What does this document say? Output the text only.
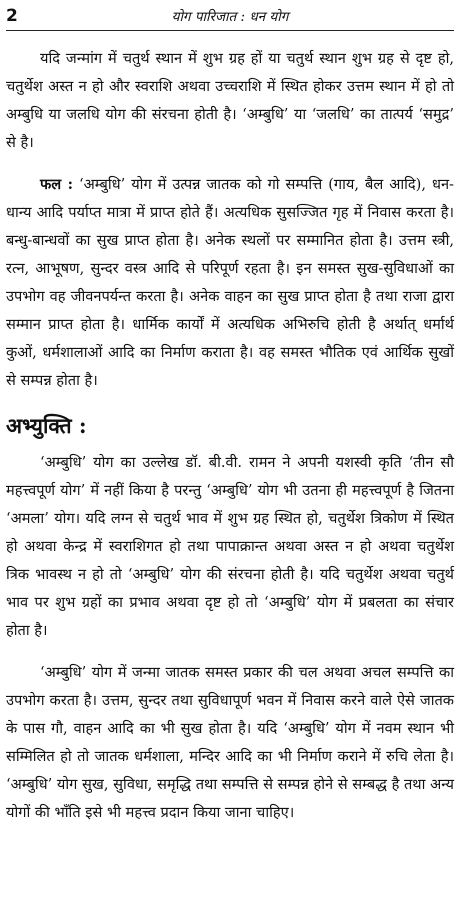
2	योग पारिजात : धन योग

यदि जन्मांग में चतुर्थ स्थान में शुभ ग्रह हों या चतुर्थ स्थान शुभ ग्रह से दृष्ट हो, चतुर्थेश अस्त न हो और स्वराशि अथवा उच्चराशि में स्थित होकर उत्तम स्थान में हो तो अम्बुधि या जलधि योग की संरचना होती है। ‘अम्बुधि’ या ‘जलधि’ का तात्पर्य ‘समुद्र’ से है।

फल : ‘अम्बुधि’ योग में उत्पन्न जातक को गो सम्पत्ति (गाय, बैल आदि), धन-धान्य आदि पर्याप्त मात्रा में प्राप्त होते हैं। अत्यधिक सुसज्जित गृह में निवास करता है। बन्धु-बान्धवों का सुख प्राप्त होता है। अनेक स्थलों पर सम्मानित होता है। उत्तम स्त्री, रत्न, आभूषण, सुन्दर वस्त्र आदि से परिपूर्ण रहता है। इन समस्त सुख-सुविधाओं का उपभोग वह जीवनपर्यन्त करता है। अनेक वाहन का सुख प्राप्त होता है तथा राजा द्वारा सम्मान प्राप्त होता है। धार्मिक कार्यों में अत्यधिक अभिरुचि होती है अर्थात् धर्मार्थ कुओं, धर्मशालाओं आदि का निर्माण कराता है। वह समस्त भौतिक एवं आर्थिक सुखों से सम्पन्न होता है।

अभ्युक्ति :

‘अम्बुधि’ योग का उल्लेख डॉ. बी.वी. रामन ने अपनी यशस्वी कृति ‘तीन सौ महत्त्वपूर्ण योग’ में नहीं किया है परन्तु ‘अम्बुधि’ योग भी उतना ही महत्त्वपूर्ण है जितना ‘अमला’ योग। यदि लग्न से चतुर्थ भाव में शुभ ग्रह स्थित हो, चतुर्थेश त्रिकोण में स्थित हो अथवा केन्द्र में स्वराशिगत हो तथा पापाक्रान्त अथवा अस्त न हो अथवा चतुर्थेश त्रिक भावस्थ न हो तो ‘अम्बुधि’ योग की संरचना होती है। यदि चतुर्थेश अथवा चतुर्थ भाव पर शुभ ग्रहों का प्रभाव अथवा दृष्ट हो तो ‘अम्बुधि’ योग में प्रबलता का संचार होता है।

‘अम्बुधि’ योग में जन्मा जातक समस्त प्रकार की चल अथवा अचल सम्पत्ति का उपभोग करता है। उत्तम, सुन्दर तथा सुविधापूर्ण भवन में निवास करने वाले ऐसे जातक के पास गौ, वाहन आदि का भी सुख होता है। यदि ‘अम्बुधि’ योग में नवम स्थान भी सम्मिलित हो तो जातक धर्मशाला, मन्दिर आदि का भी निर्माण कराने में रुचि लेता है। ‘अम्बुधि’ योग सुख, सुविधा, समृद्धि तथा सम्पत्ति से सम्पन्न होने से सम्बद्ध है तथा अन्य योगों की भाँति इसे भी महत्त्व प्रदान किया जाना चाहिए।
